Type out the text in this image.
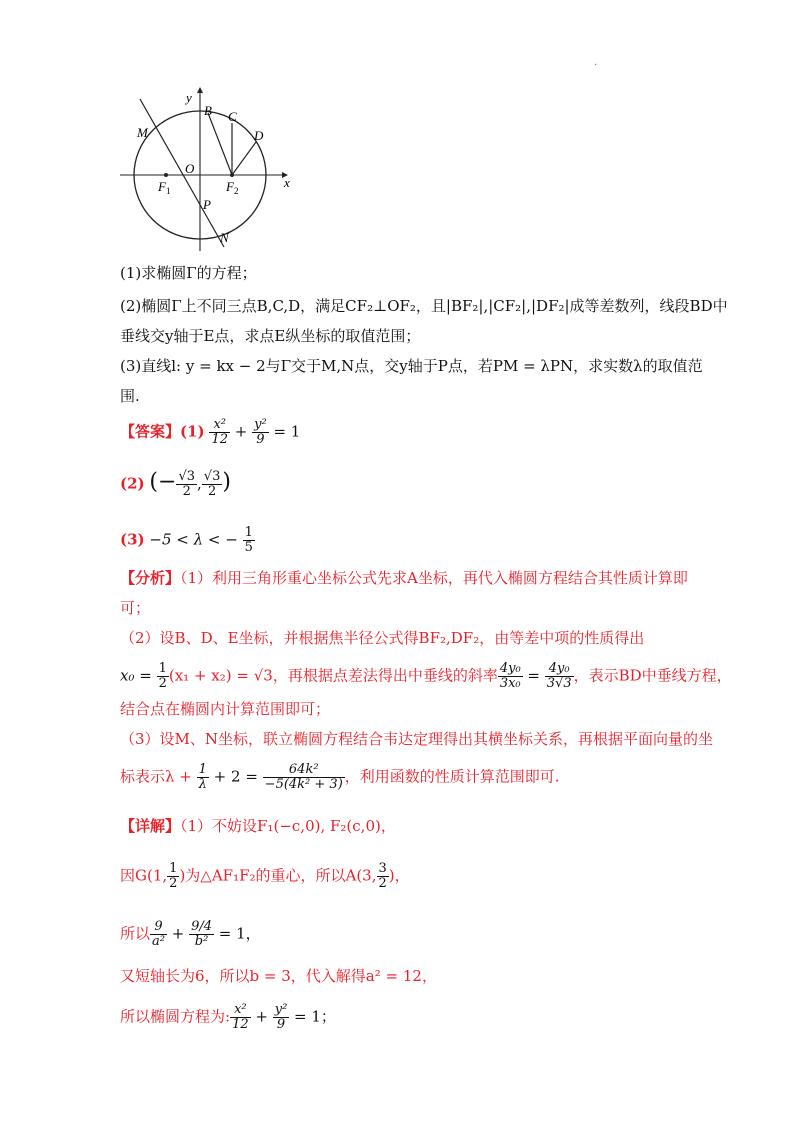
·
y
x
O
B C
D
M
$F_1$	$F_2$
P
N
(1)求椭圆Γ的方程；
(2)椭圆Γ上不同三点B,C,D，满足CF₂⊥OF₂，且|BF₂|,|CF₂|,|DF₂|成等差数列，线段BD中
垂线交y轴于E点，求点E纵坐标的取值范围；
(3)直线l: y = kx − 2与Γ交于M,N点，交y轴于P点，若PM = λPN，求实数λ的取值范
围.
【答案】$(1) \frac{\text{x²}}{12} + \frac{\text{y²}}{9} = 1$
(2) (− $\frac{√3}{2}$ , $\frac{√3}{2}$ )
(3) −5 < λ < − $\frac{1}{5}$
【分析】（1）利用三角形重心坐标公式先求A坐标，再代入椭圆方程结合其性质计算即
可；
（2）设B、D、E坐标，并根据焦半径公式得BF₂,DF₂，由等差中项的性质得出
$x_0 = \frac{1}{2} (x_1 + x_2) = √3$，再根据点差法得出中垂线的斜率 $\frac{\text{4y₀}}{\text{3x₀}} = \frac{\text{4y₀}}{3√3}$ ，表示BD中垂线方程，
结合点在椭圆内计算范围即可；
（3）设M、N坐标，联立椭圆方程结合韦达定理得出其横坐标关系，再根据平面向量的坐
标表示$\lambda + \frac{1}{\lambda} + 2 = \frac{\text{64k²}}{\text{−5(4k² + 3)}}$ ，利用函数的性质计算范围即可.
【详解】（1）不妨设F₁(−c,0), F₂(c,0)，
因G(1, $\frac{1}{2}$ )为△AF₁F₂的重心，所以A(3, $\frac{3}{2}$ )，
所以 $\frac{9}{\text{a²}} + \frac{9/4}{\text{b²}} = 1$，
又短轴长为6，所以b = 3，代入解得a² = 12，
所以椭圆方程为: $\frac{\text{x²}}{12} + \frac{\text{y²}}{9} = 1$；
